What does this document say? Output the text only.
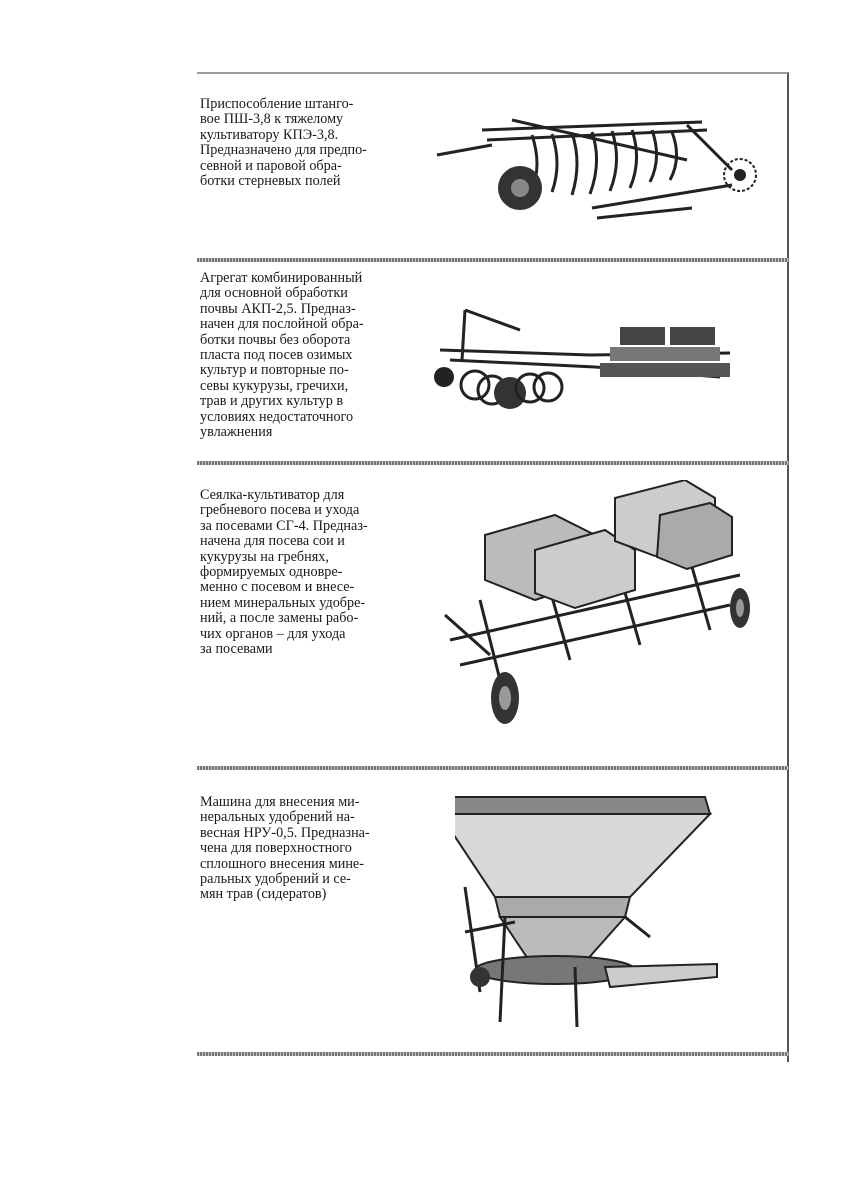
Приспособление штанго-
вое ПШ-3,8 к тяжелому
культиватору КПЭ-3,8.
Предназначено для предпо-
севной и паровой обра-
ботки стерневых полей

Агрегат комбинированный
для основной обработки
почвы АКП-2,5. Предназ-
начен для послойной обра-
ботки почвы без оборота
пласта под посев озимых
культур и повторные по-
севы кукурузы, гречихи,
трав и других культур в
условиях недостаточного
увлажнения

Сеялка-культиватор для
гребневого посева и ухода
за посевами СГ-4. Предназ-
начена для посева сои и
кукурузы на гребнях,
формируемых одновре-
менно с посевом и внесе-
нием минеральных удобре-
ний, а после замены рабо-
чих органов – для ухода
за посевами

Машина для внесения ми-
неральных удобрений на-
весная НРУ-0,5. Предназна-
чена для поверхностного
сплошного внесения мине-
ральных удобрений и се-
мян трав (сидератов)
